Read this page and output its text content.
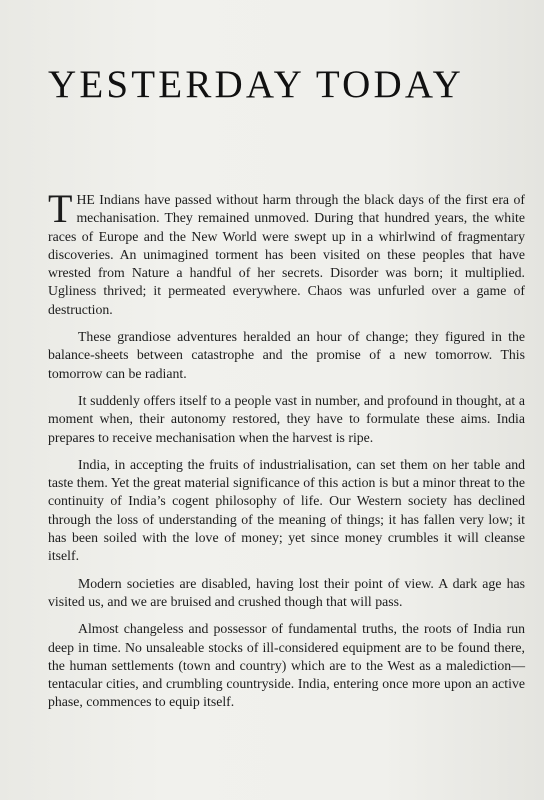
YESTERDAY TODAY

THE Indians have passed without harm through the black days of the first era of mechanisation. They remained unmoved. During that hundred years, the white races of Europe and the New World were swept up in a whirlwind of fragmentary discoveries. An unimagined torment has been visited on these peoples that have wrested from Nature a handful of her secrets. Disorder was born; it multiplied. Ugliness thrived; it permeated everywhere. Chaos was unfurled over a game of destruction.

These grandiose adventures heralded an hour of change; they figured in the balance-sheets between catastrophe and the promise of a new tomorrow. This tomorrow can be radiant.

It suddenly offers itself to a people vast in number, and profound in thought, at a moment when, their autonomy restored, they have to formulate these aims. India prepares to receive mechanisation when the harvest is ripe.

India, in accepting the fruits of industrialisation, can set them on her table and taste them. Yet the great material significance of this action is but a minor threat to the continuity of India’s cogent philosophy of life. Our Western society has declined through the loss of understanding of the meaning of things; it has fallen very low; it has been soiled with the love of money; yet since money crumbles it will cleanse itself.

Modern societies are disabled, having lost their point of view. A dark age has visited us, and we are bruised and crushed though that will pass.

Almost changeless and possessor of fundamental truths, the roots of India run deep in time. No unsaleable stocks of ill-considered equipment are to be found there, the human settlements (town and country) which are to the West as a malediction—tentacular cities, and crumbling countryside. India, entering once more upon an active phase, commences to equip itself.
